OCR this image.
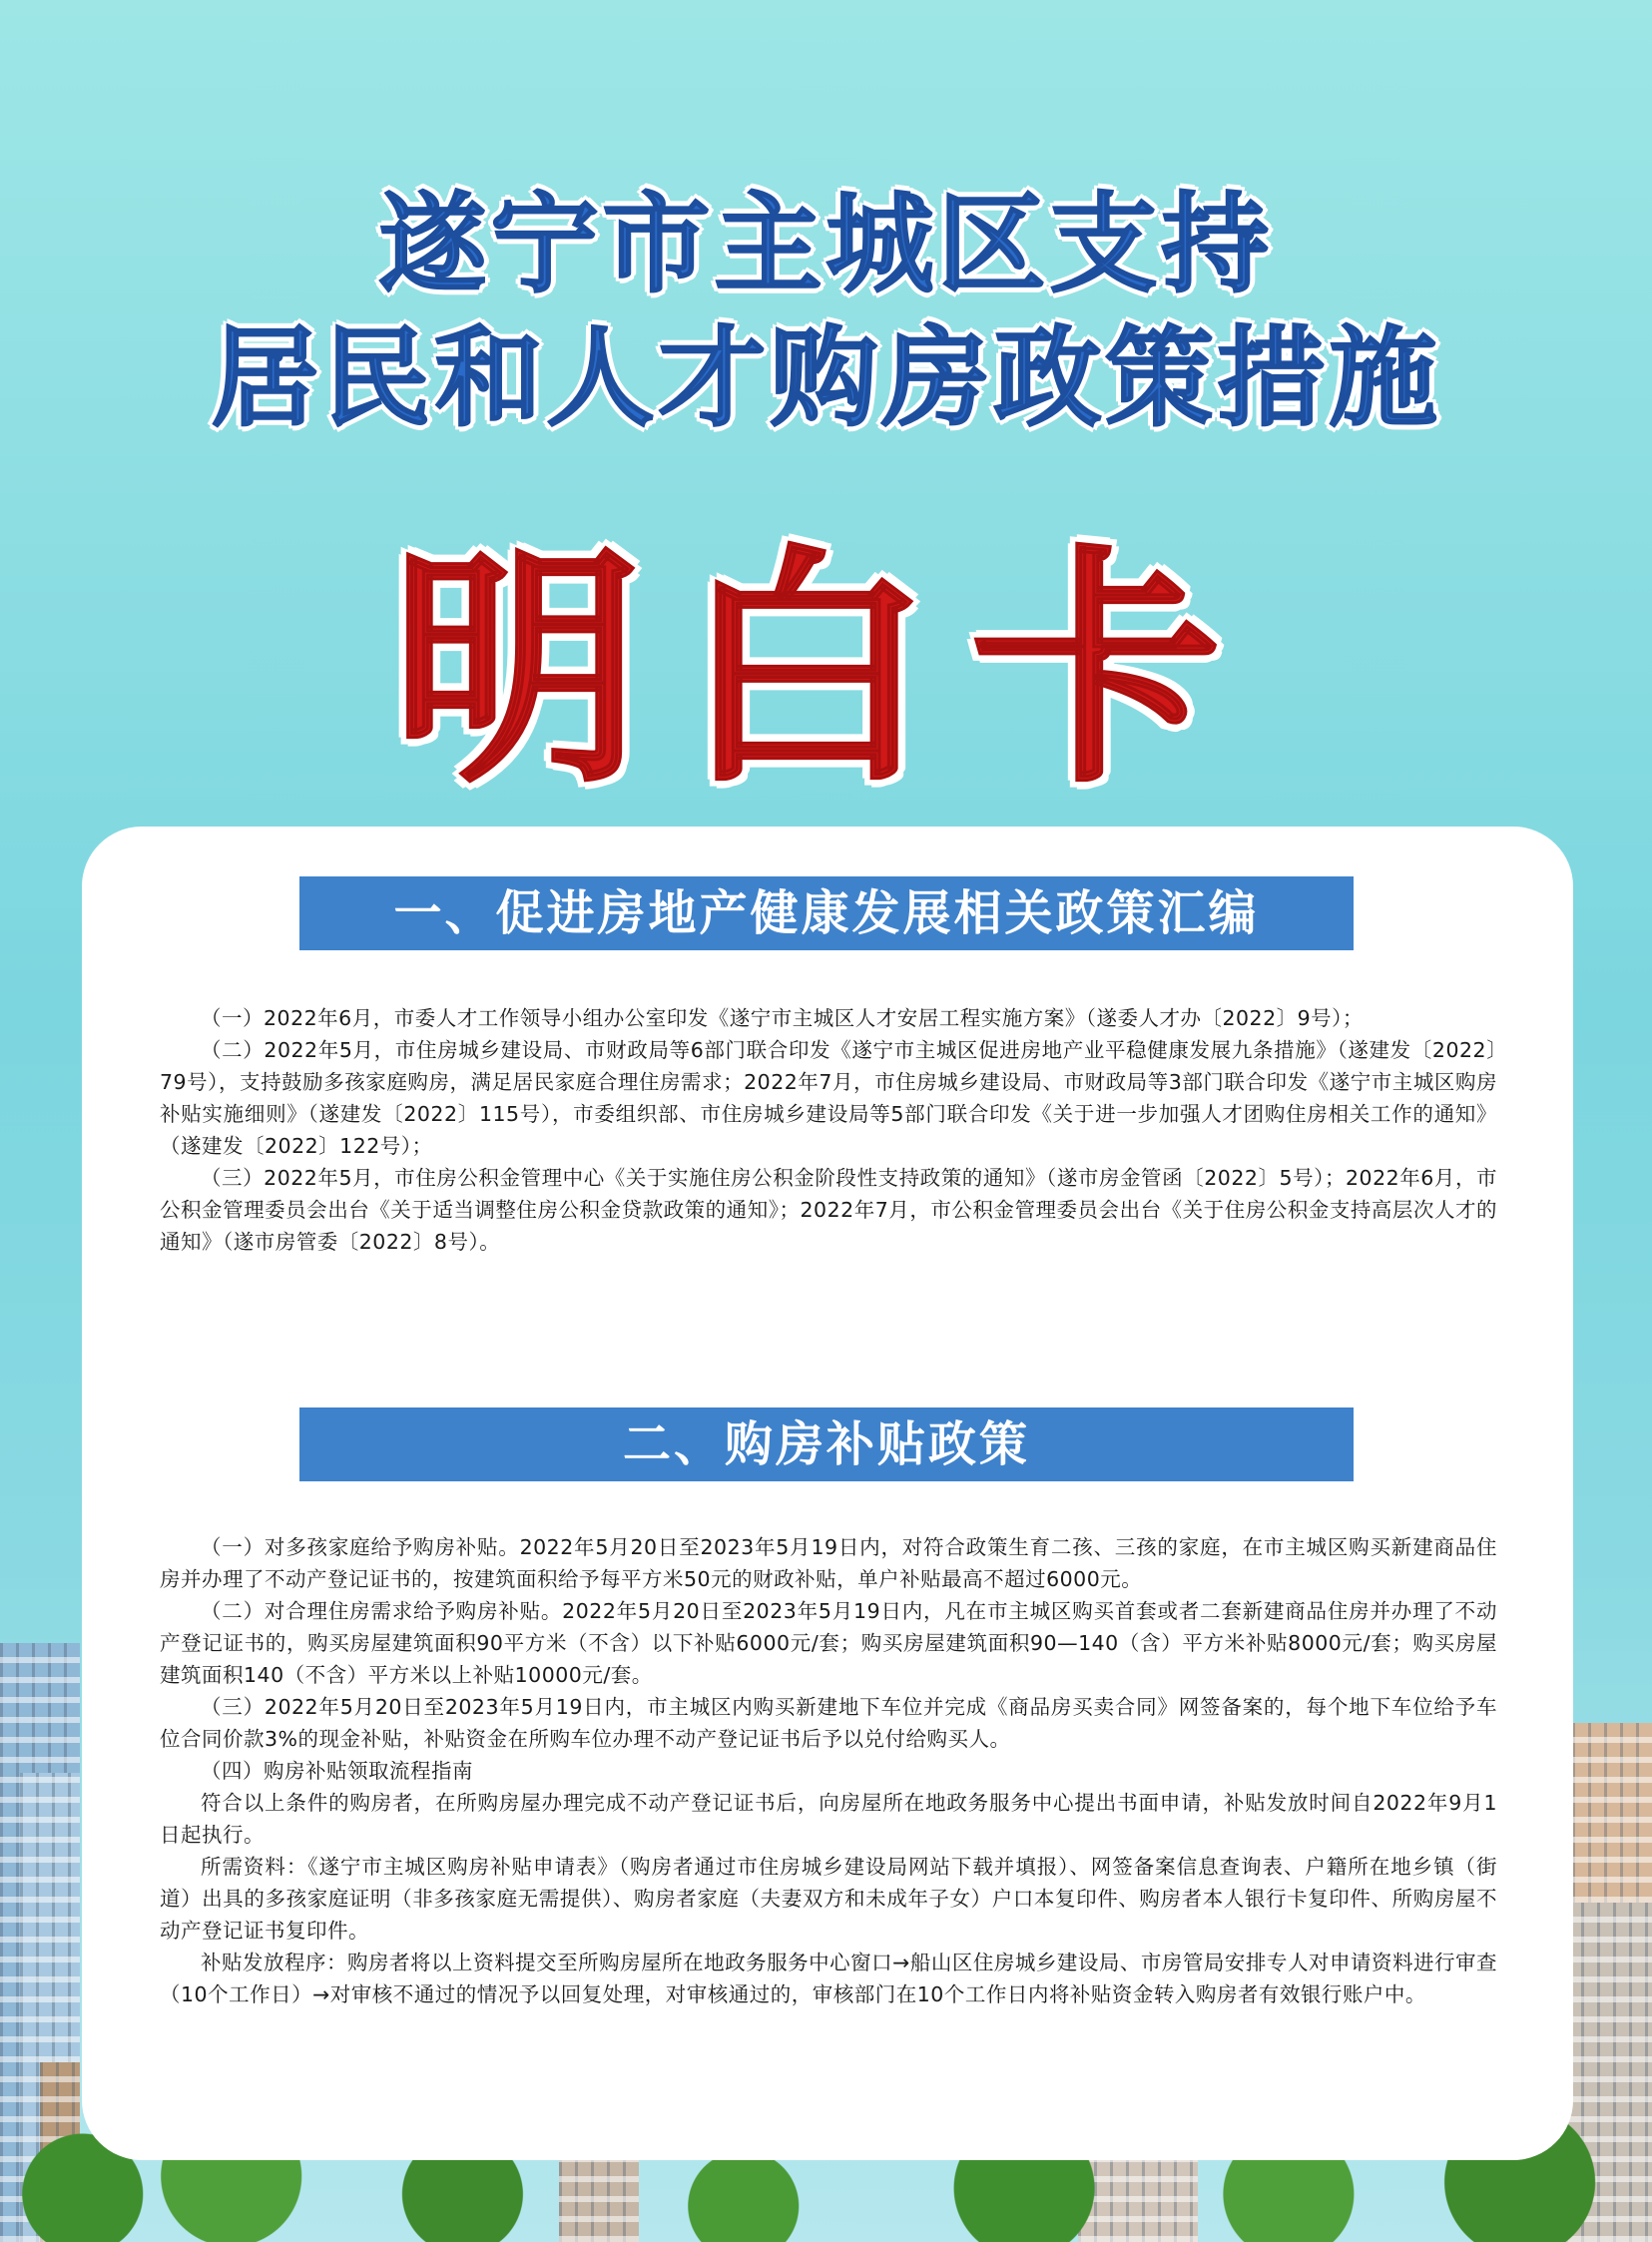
遂宁市主城区支持
居民和人才购房政策措施
明白卡
一、促进房地产健康发展相关政策汇编

（一）2022年6月，市委人才工作领导小组办公室印发《遂宁市主城区人才安居工程实施方案》（遂委人才办〔2022〕9号）；

（二）2022年5月，市住房城乡建设局、市财政局等6部门联合印发《遂宁市主城区促进房地产业平稳健康发展九条措施》（遂建发〔2022〕79号），支持鼓励多孩家庭购房，满足居民家庭合理住房需求；2022年7月，市住房城乡建设局、市财政局等3部门联合印发《遂宁市主城区购房补贴实施细则》（遂建发〔2022〕115号），市委组织部、市住房城乡建设局等5部门联合印发《关于进一步加强人才团购住房相关工作的通知》（遂建发〔2022〕122号）；

（三）2022年5月，市住房公积金管理中心《关于实施住房公积金阶段性支持政策的通知》（遂市房金管函〔2022〕5号）；2022年6月，市公积金管理委员会出台《关于适当调整住房公积金贷款政策的通知》；2022年7月，市公积金管理委员会出台《关于住房公积金支持高层次人才的通知》（遂市房管委〔2022〕8号）。

二、购房补贴政策

（一）对多孩家庭给予购房补贴。2022年5月20日至2023年5月19日内，对符合政策生育二孩、三孩的家庭，在市主城区购买新建商品住房并办理了不动产登记证书的，按建筑面积给予每平方米50元的财政补贴，单户补贴最高不超过6000元。

（二）对合理住房需求给予购房补贴。2022年5月20日至2023年5月19日内，凡在市主城区购买首套或者二套新建商品住房并办理了不动产登记证书的，购买房屋建筑面积90平方米（不含）以下补贴6000元/套；购买房屋建筑面积90—140（含）平方米补贴8000元/套；购买房屋建筑面积140（不含）平方米以上补贴10000元/套。

（三）2022年5月20日至2023年5月19日内，市主城区内购买新建地下车位并完成《商品房买卖合同》网签备案的，每个地下车位给予车位合同价款3%的现金补贴，补贴资金在所购车位办理不动产登记证书后予以兑付给购买人。

（四）购房补贴领取流程指南

符合以上条件的购房者，在所购房屋办理完成不动产登记证书后，向房屋所在地政务服务中心提出书面申请，补贴发放时间自2022年9月1日起执行。

所需资料：《遂宁市主城区购房补贴申请表》（购房者通过市住房城乡建设局网站下载并填报）、网签备案信息查询表、户籍所在地乡镇（街道）出具的多孩家庭证明（非多孩家庭无需提供）、购房者家庭（夫妻双方和未成年子女）户口本复印件、购房者本人银行卡复印件、所购房屋不动产登记证书复印件。

补贴发放程序：购房者将以上资料提交至所购房屋所在地政务服务中心窗口→船山区住房城乡建设局、市房管局安排专人对申请资料进行审查（10个工作日）→对审核不通过的情况予以回复处理，对审核通过的，审核部门在10个工作日内将补贴资金转入购房者有效银行账户中。
